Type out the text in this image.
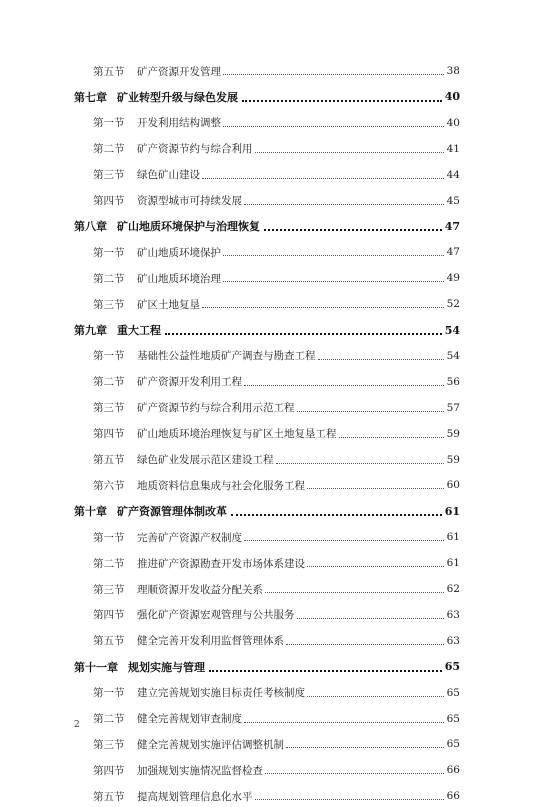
第五节	矿产资源开发管理	38
第七章 矿业转型升级与绿色发展	40
第一节	开发利用结构调整	40
第二节	矿产资源节约与综合利用	41
第三节	绿色矿山建设	44
第四节	资源型城市可持续发展	45
第八章 矿山地质环境保护与治理恢复	47
第一节	矿山地质环境保护	47
第二节	矿山地质环境治理	49
第三节	矿区土地复垦	52
第九章 重大工程	54
第一节	基础性公益性地质矿产调查与勘查工程	54
第二节	矿产资源开发利用工程	56
第三节	矿产资源节约与综合利用示范工程	57
第四节	矿山地质环境治理恢复与矿区土地复垦工程	59
第五节	绿色矿业发展示范区建设工程	59
第六节	地质资料信息集成与社会化服务工程	60
第十章 矿产资源管理体制改革	61
第一节	完善矿产资源产权制度	61
第二节	推进矿产资源勘查开发市场体系建设	61
第三节	理顺资源开发收益分配关系	62
第四节	强化矿产资源宏观管理与公共服务	63
第五节	健全完善开发利用监督管理体系	63
第十一章 规划实施与管理	65
第一节	建立完善规划实施目标责任考核制度	65
第二节	健全完善规划审查制度	65
第三节	健全完善规划实施评估调整机制	65
第四节	加强规划实施情况监督检查	66
第五节	提高规划管理信息化水平	66
2
